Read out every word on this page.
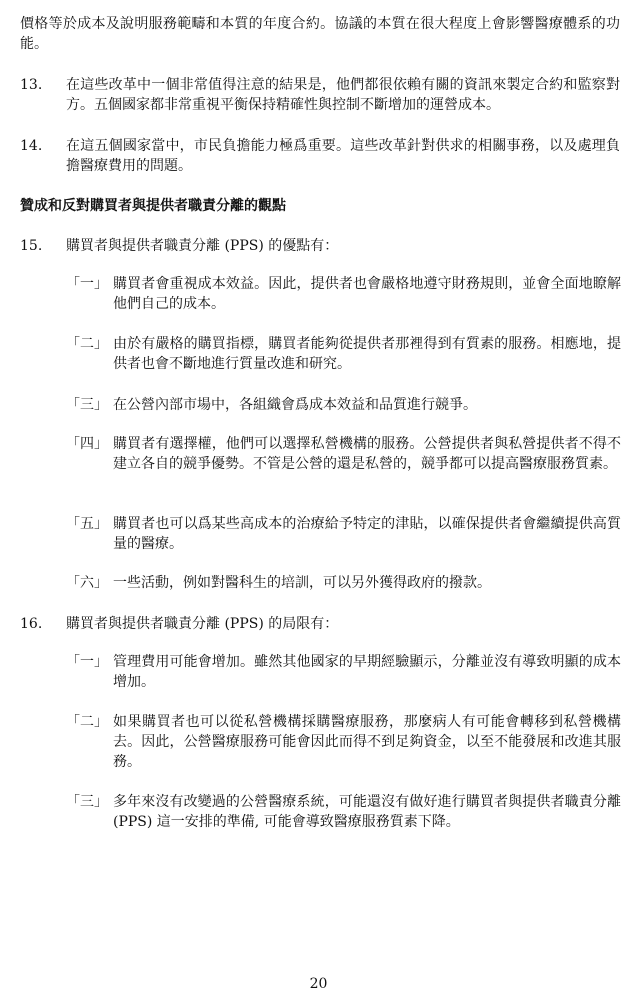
價格等於成本及說明服務範疇和本質的年度合約。協議的本質在很大程度上會影響醫療體系的功能。
13.	在這些改革中一個非常值得注意的結果是，他們都很依賴有關的資訊來製定合約和監察對方。五個國家都非常重視平衡保持精確性與控制不斷增加的運營成本。
14.	在這五個國家當中，市民負擔能力極爲重要。這些改革針對供求的相關事務，以及處理負擔醫療費用的問題。
贊成和反對購買者與提供者職責分離的觀點
15.	購買者與提供者職責分離 (PPS) 的優點有：
「一」 購買者會重視成本效益。因此，提供者也會嚴格地遵守財務規則，並會全面地瞭解他們自己的成本。
「二」 由於有嚴格的購買指標，購買者能夠從提供者那裡得到有質素的服務。相應地，提供者也會不斷地進行質量改進和研究。
「三」 在公營內部市場中，各組織會爲成本效益和品質進行競爭。
「四」 購買者有選擇權，他們可以選擇私營機構的服務。公營提供者與私營提供者不得不建立各自的競爭優勢。不管是公營的還是私營的，競爭都可以提高醫療服務質素。
「五」 購買者也可以爲某些高成本的治療給予特定的津貼，以確保提供者會繼續提供高質量的醫療。
「六」 一些活動，例如對醫科生的培訓，可以另外獲得政府的撥款。
16.	購買者與提供者職責分離 (PPS) 的局限有：
「一」 管理費用可能會增加。雖然其他國家的早期經驗顯示，分離並沒有導致明顯的成本增加。
「二」 如果購買者也可以從私營機構採購醫療服務，那麼病人有可能會轉移到私營機構去。因此，公營醫療服務可能會因此而得不到足夠資金，以至不能發展和改進其服務。
「三」 多年來沒有改變過的公營醫療系統，可能還沒有做好進行購買者與提供者職責分離(PPS) 這一安排的準備, 可能會導致醫療服務質素下降。
20
